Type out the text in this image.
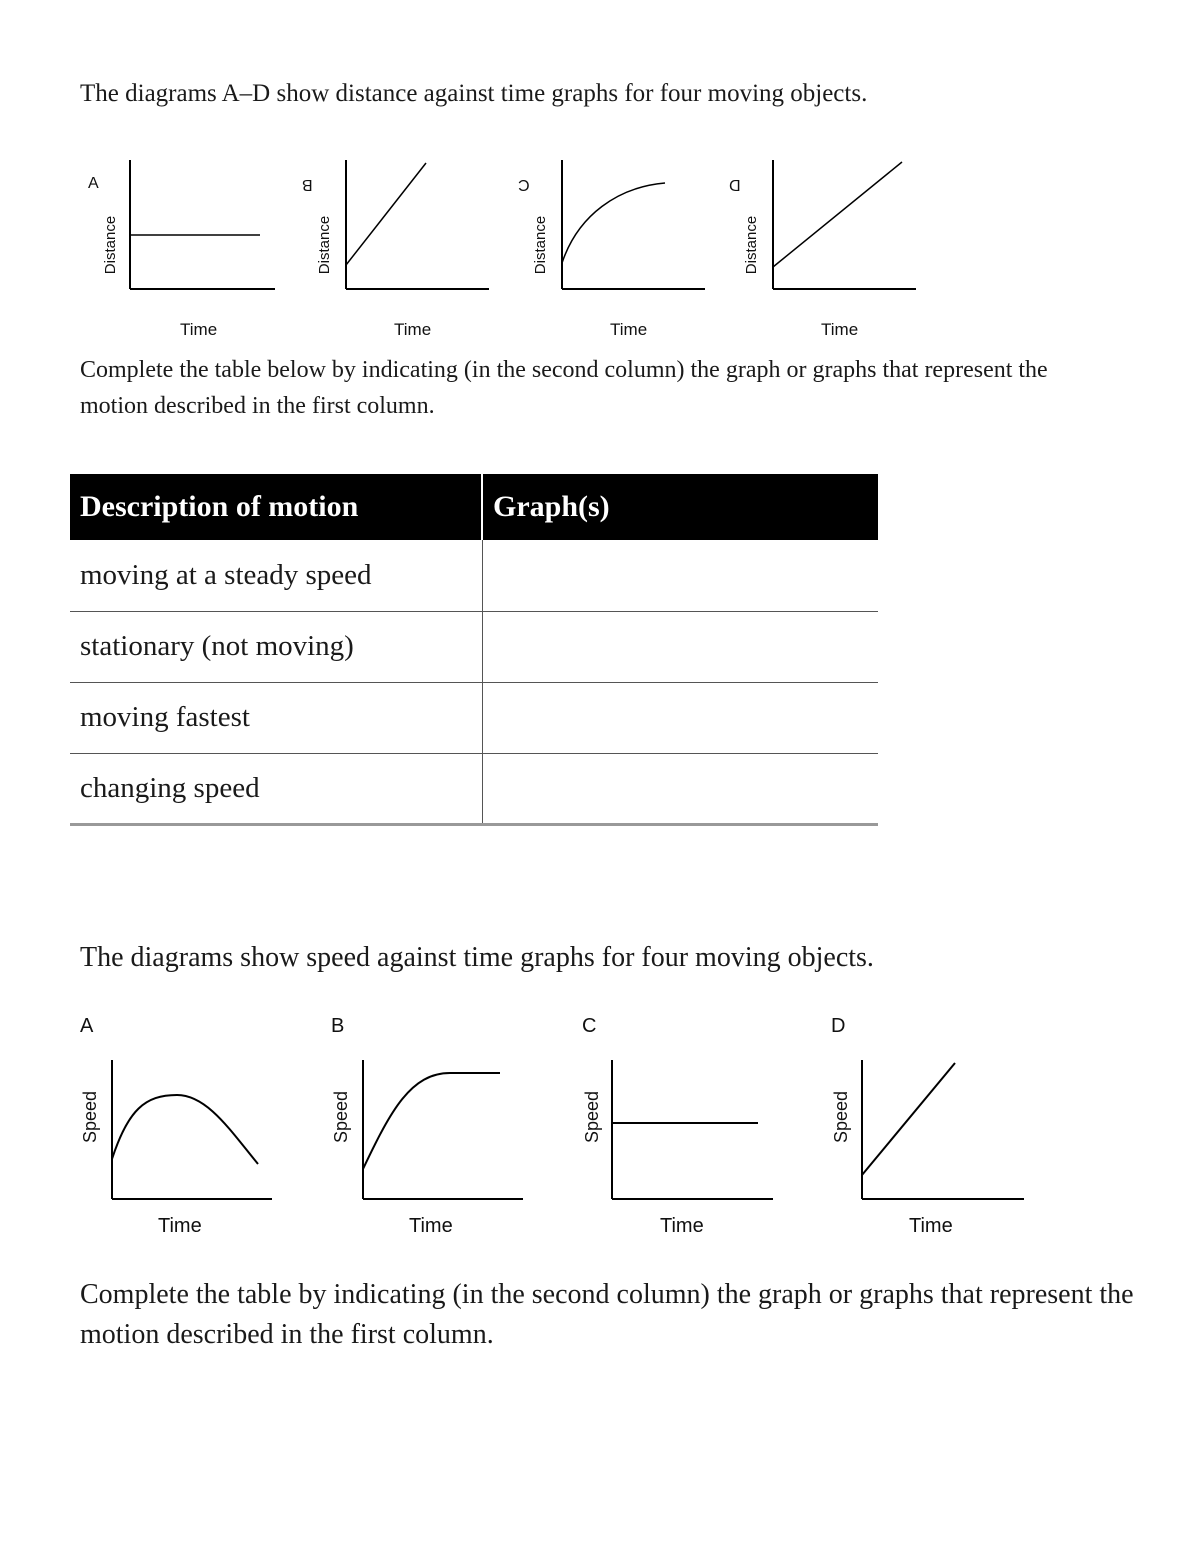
The diagrams A–D show distance against time graphs for four moving objects.

A
Distance
Time
B
Distance
Time
C
Distance
Time
D
Distance
Time

Complete the table below by indicating (in the second column) the graph or graphs that represent the motion described in the first column.

Description of motion	Graph(s)
moving at a steady speed	
stationary (not moving)	
moving fastest	
changing speed	

The diagrams show speed against time graphs for four moving objects.

A
Speed
Time
B
Speed
Time
C
Speed
Time
D
Speed
Time

Complete the table by indicating (in the second column) the graph or graphs that represent the motion described in the first column.
